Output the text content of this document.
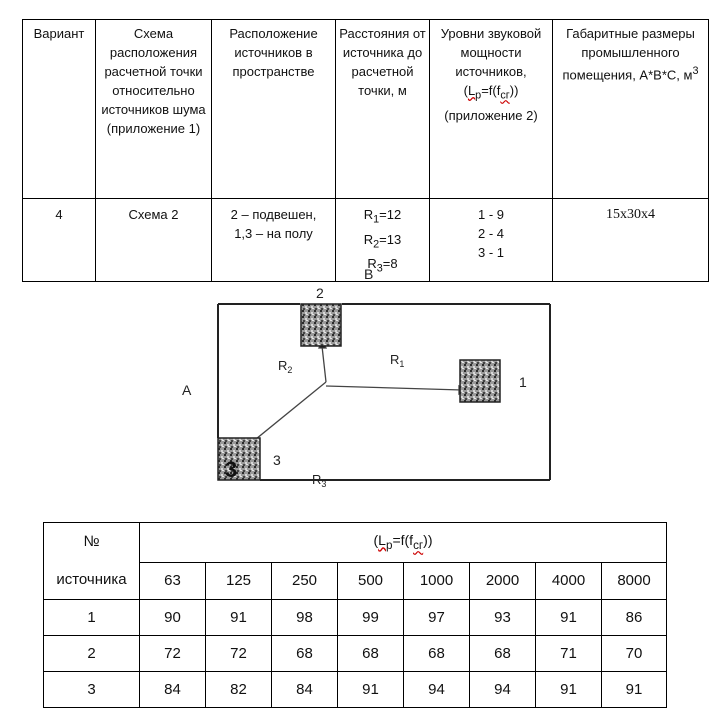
Вариант	Схема расположения расчетной точки относительно источников шума (приложение 1)	Расположение источников в пространстве	Расстояния от источника до расчетной точки, м	Уровни звуковой мощности источников,
$(L_р=f(f_{сг}))$
(приложение 2)	Габаритные размеры промышленного помещения, А*В*С, $м^3$
4	Схема 2	2 – подвешен,
1,3 – на полу	$R_1=12$
$R_2=13$
$R_3=8$	1 - 9
2 - 4
3 - 1	15х30х4
3
B
A
2
1
3
$R_2$
$R_1$
$R_3$
№
источника	$(L_р=f(f_{сг}))$							
	63	125	250	500	1000	2000	4000	8000
1	90	91	98	99	97	93	91	86
2	72	72	68	68	68	68	71	70
3	84	82	84	91	94	94	91	91
